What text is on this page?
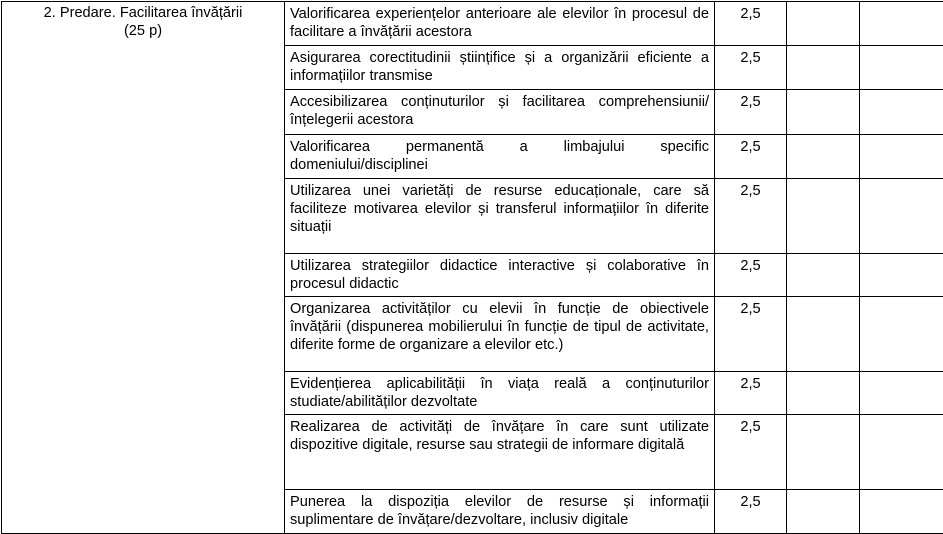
2. Predare. Facilitarea învățării
(25 p)	Valorificarea experiențelor anterioare ale elevilor în procesul de facilitare a învățării acestora	2,5		
	Asigurarea corectitudinii științifice și a organizării eficiente a informațiilor transmise	2,5		
	Accesibilizarea conținuturilor și facilitarea comprehensiunii/înțelegerii acestora	2,5		
	Valorificarea permanentă a limbajului specific domeniului/disciplinei	2,5		
	Utilizarea unei varietăți de resurse educaționale, care să faciliteze motivarea elevilor și transferul informațiilor în diferite situații	2,5		
	Utilizarea strategiilor didactice interactive și colaborative în procesul didactic	2,5		
	Organizarea activităților cu elevii în funcție de obiectivele învățării (dispunerea mobilierului în funcție de tipul de activitate, diferite forme de organizare a elevilor etc.)	2,5		
	Evidențierea aplicabilității în viața reală a conținuturilor studiate/abilităților dezvoltate	2,5		
	Realizarea de activități de învățare în care sunt utilizate dispozitive digitale, resurse sau strategii de informare digitală	2,5		
	Punerea la dispoziția elevilor de resurse și informații suplimentare de învățare/dezvoltare, inclusiv digitale	2,5		
